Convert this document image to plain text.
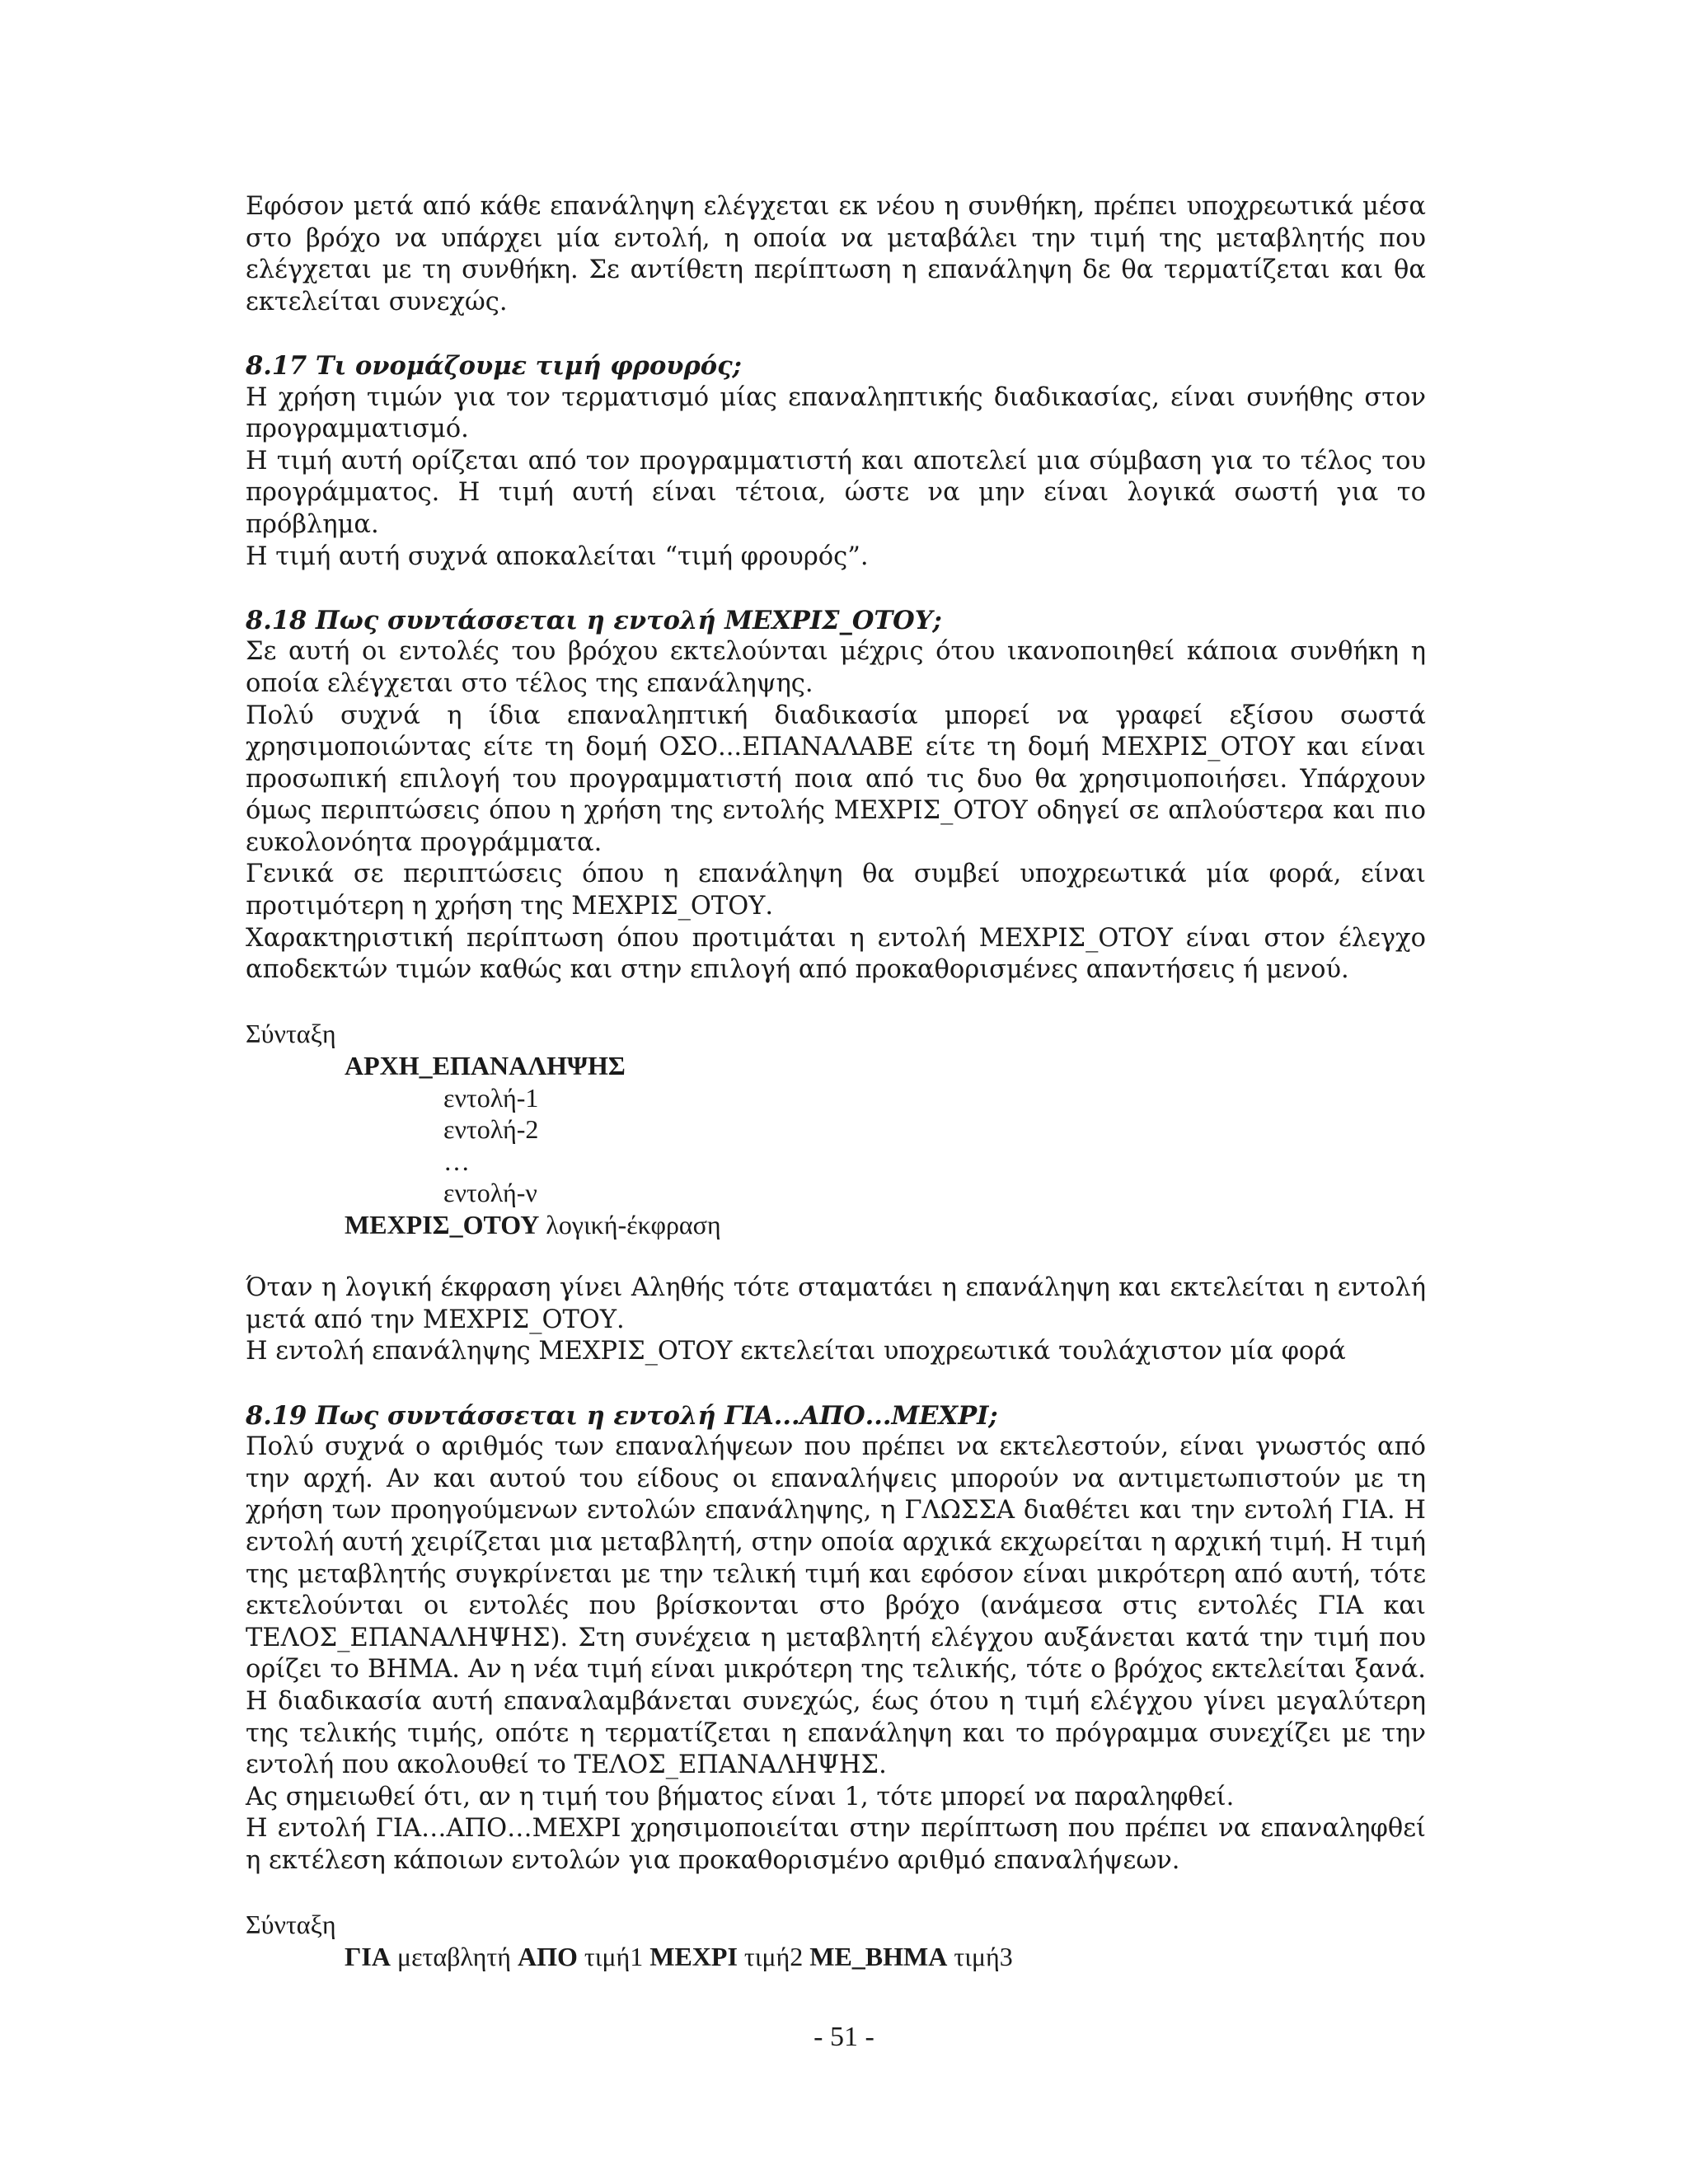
Εφόσον μετά από κάθε επανάληψη ελέγχεται εκ νέου η συνθήκη, πρέπει υποχρεωτικά μέσα στο βρόχο να υπάρχει μία εντολή, η οποία να μεταβάλει την τιμή της μεταβλητής που ελέγχεται με τη συνθήκη. Σε αντίθετη περίπτωση η επανάληψη δε θα τερματίζεται και θα εκτελείται συνεχώς.

8.17 Τι ονομάζουμε τιμή φρουρός;

Η χρήση τιμών για τον τερματισμό μίας επαναληπτικής διαδικασίας, είναι συνήθης στον προγραμματισμό.

Η τιμή αυτή ορίζεται από τον προγραμματιστή και αποτελεί μια σύμβαση για το τέλος του προγράμματος. Η τιμή αυτή είναι τέτοια, ώστε να μην είναι λογικά σωστή για το πρόβλημα.

Η τιμή αυτή συχνά αποκαλείται “τιμή φρουρός”.

8.18 Πως συντάσσεται η εντολή ΜΕΧΡΙΣ_ΟΤΟΥ;

Σε αυτή οι εντολές του βρόχου εκτελούνται μέχρις ότου ικανοποιηθεί κάποια συνθήκη η οποία ελέγχεται στο τέλος της επανάληψης.

Πολύ συχνά η ίδια επαναληπτική διαδικασία μπορεί να γραφεί εξίσου σωστά χρησιμοποιώντας είτε τη δομή ΟΣΟ...ΕΠΑΝΑΛΑΒΕ είτε τη δομή ΜΕΧΡΙΣ_ΟΤΟΥ και είναι προσωπική επιλογή του προγραμματιστή ποια από τις δυο θα χρησιμοποιήσει. Υπάρχουν όμως περιπτώσεις όπου η χρήση της εντολής ΜΕΧΡΙΣ_ΟΤΟΥ οδηγεί σε απλούστερα και πιο ευκολονόητα προγράμματα.

Γενικά σε περιπτώσεις όπου η επανάληψη θα συμβεί υποχρεωτικά μία φορά, είναι προτιμότερη η χρήση της ΜΕΧΡΙΣ_ΟΤΟΥ.

Χαρακτηριστική περίπτωση όπου προτιμάται η εντολή ΜΕΧΡΙΣ_ΟΤΟΥ είναι στον έλεγχο αποδεκτών τιμών καθώς και στην επιλογή από προκαθορισμένες απαντήσεις ή μενού.

Σύνταξη

ΑΡΧΗ_ΕΠΑΝΑΛΗΨΗΣ

εντολή-1

εντολή-2

…

εντολή-ν

ΜΕΧΡΙΣ_ΟΤΟΥ λογική-έκφραση

Όταν η λογική έκφραση γίνει Αληθής τότε σταματάει η επανάληψη και εκτελείται η εντολή μετά από την ΜΕΧΡΙΣ_ΟΤΟΥ.

Η εντολή επανάληψης ΜΕΧΡΙΣ_ΟΤΟΥ εκτελείται υποχρεωτικά τουλάχιστον μία φορά

8.19 Πως συντάσσεται η εντολή ΓΙΑ...ΑΠΟ...ΜΕΧΡΙ;

Πολύ συχνά ο αριθμός των επαναλήψεων που πρέπει να εκτελεστούν, είναι γνωστός από την αρχή. Αν και αυτού του είδους οι επαναλήψεις μπορούν να αντιμετωπιστούν με τη χρήση των προηγούμενων εντολών επανάληψης, η ΓΛΩΣΣΑ διαθέτει και την εντολή ΓΙΑ. Η εντολή αυτή χειρίζεται μια μεταβλητή, στην οποία αρχικά εκχωρείται η αρχική τιμή. Η τιμή της μεταβλητής συγκρίνεται με την τελική τιμή και εφόσον είναι μικρότερη από αυτή, τότε εκτελούνται οι εντολές που βρίσκονται στο βρόχο (ανάμεσα στις εντολές ΓΙΑ και ΤΕΛΟΣ_ΕΠΑΝΑΛΗΨΗΣ). Στη συνέχεια η μεταβλητή ελέγχου αυξάνεται κατά την τιμή που ορίζει το ΒΗΜΑ. Αν η νέα τιμή είναι μικρότερη της τελικής, τότε ο βρόχος εκτελείται ξανά. Η διαδικασία αυτή επαναλαμβάνεται συνεχώς, έως ότου η τιμή ελέγχου γίνει μεγαλύτερη της τελικής τιμής, οπότε η τερματίζεται η επανάληψη και το πρόγραμμα συνεχίζει με την εντολή που ακολουθεί το ΤΕΛΟΣ_ΕΠΑΝΑΛΗΨΗΣ.

Ας σημειωθεί ότι, αν η τιμή του βήματος είναι 1, τότε μπορεί να παραληφθεί.

Η εντολή ΓΙΑ…ΑΠΟ…ΜΕΧΡΙ χρησιμοποιείται στην περίπτωση που πρέπει να επαναληφθεί η εκτέλεση κάποιων εντολών για προκαθορισμένο αριθμό επαναλήψεων.

Σύνταξη

ΓΙΑ μεταβλητή ΑΠΟ τιμή1 ΜΕΧΡΙ τιμή2 ΜΕ_ΒΗΜΑ τιμή3

- 51 -
